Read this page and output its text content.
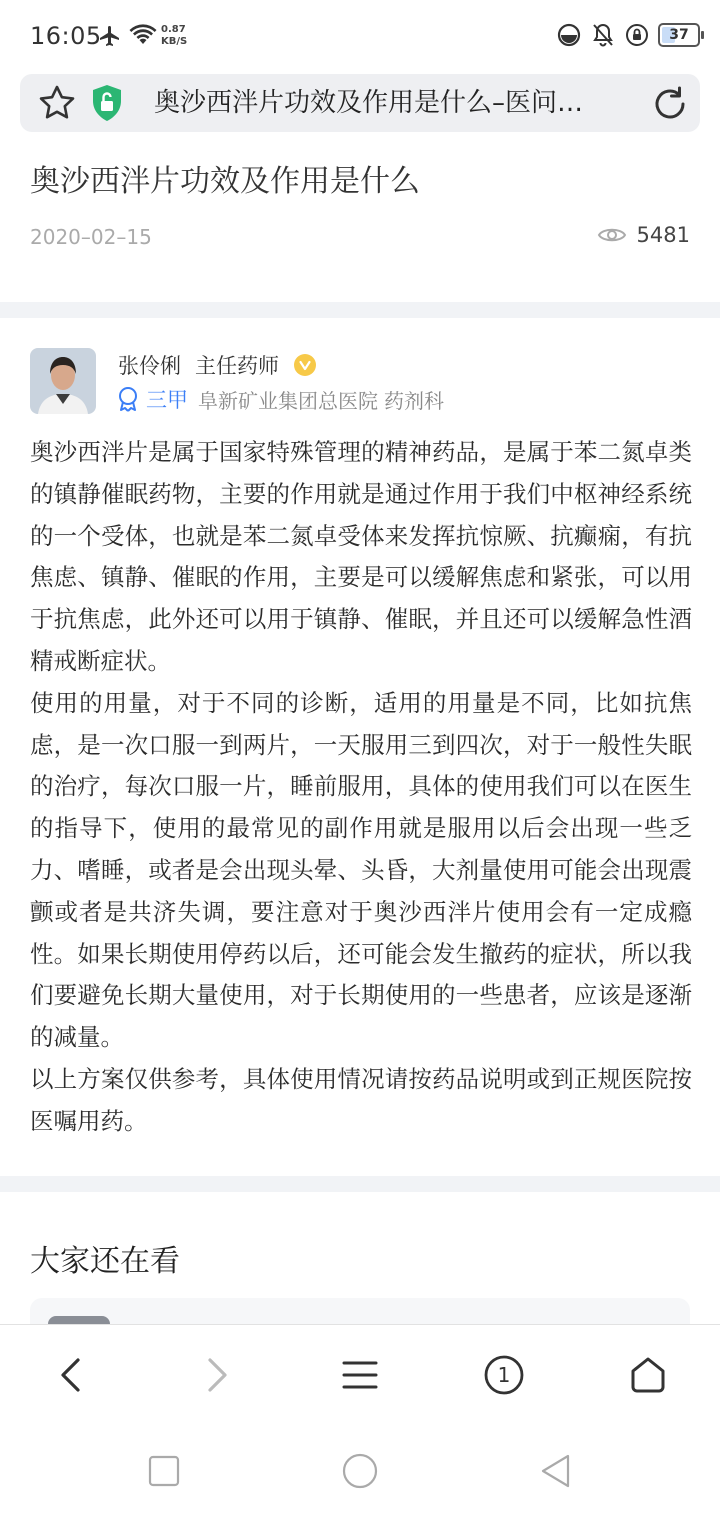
16:05	0.87
KB/S	37
奥沙西泮片功效及作用是什么–医问…
奥沙西泮片功效及作用是什么
2020–02–15	5481
张伶俐 主任药师
三甲 阜新矿业集团总医院 药剂科

奥沙西泮片是属于国家特殊管理的精神药品，是属于苯二氮卓类的镇静催眠药物，主要的作用就是通过作用于我们中枢神经系统的一个受体，也就是苯二氮卓受体来发挥抗惊厥、抗癫痫，有抗焦虑、镇静、催眠的作用，主要是可以缓解焦虑和紧张，可以用于抗焦虑，此外还可以用于镇静、催眠，并且还可以缓解急性酒精戒断症状。

使用的用量，对于不同的诊断，适用的用量是不同，比如抗焦虑，是一次口服一到两片，一天服用三到四次，对于一般性失眠的治疗，每次口服一片，睡前服用，具体的使用我们可以在医生的指导下，使用的最常见的副作用就是服用以后会出现一些乏力、嗜睡，或者是会出现头晕、头昏，大剂量使用可能会出现震颤或者是共济失调，要注意对于奥沙西泮片使用会有一定成瘾性。如果长期使用停药以后，还可能会发生撤药的症状，所以我们要避免长期大量使用，对于长期使用的一些患者，应该是逐渐的减量。

以上方案仅供参考，具体使用情况请按药品说明或到正规医院按医嘱用药。

大家还在看
1
